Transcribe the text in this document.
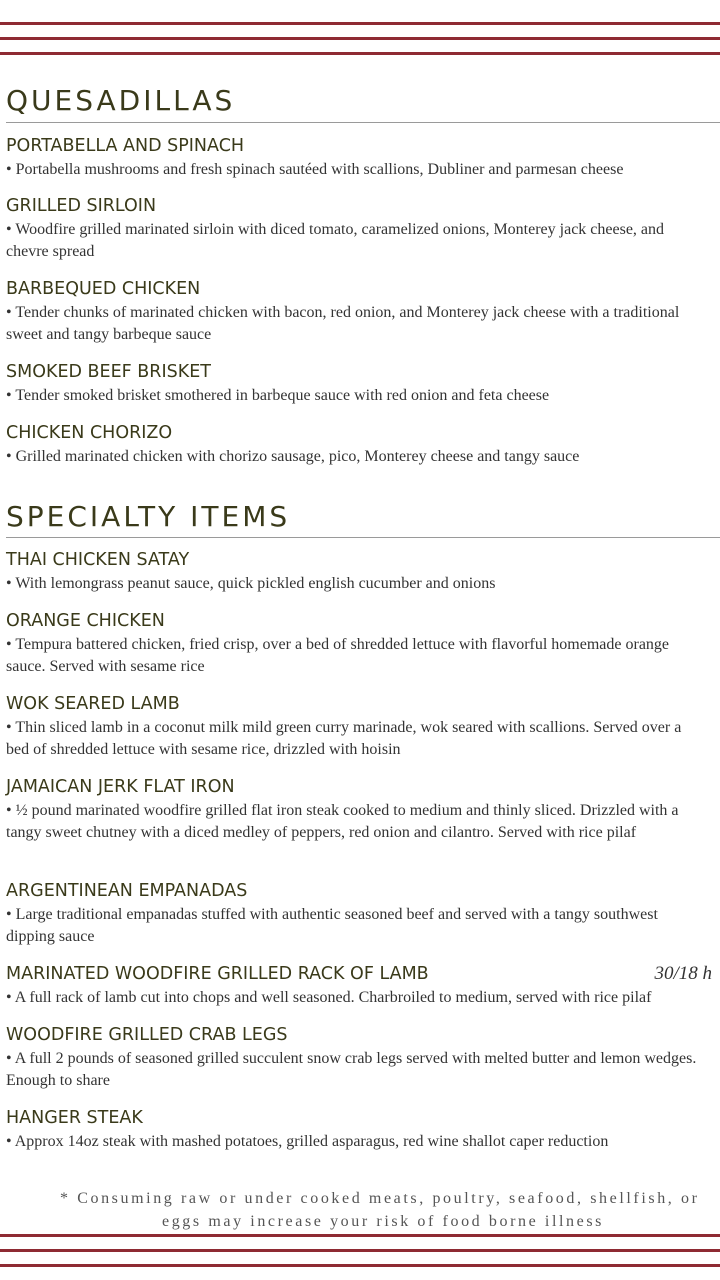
QUESADILLAS
PORTABELLA AND SPINACH
• Portabella mushrooms and fresh spinach sautéed with scallions, Dubliner and parmesan cheese
GRILLED SIRLOIN
• Woodfire grilled marinated sirloin with diced tomato, caramelized onions, Monterey jack cheese, and chevre spread
BARBEQUED CHICKEN
• Tender chunks of marinated chicken with bacon, red onion, and Monterey jack cheese with a traditional sweet and tangy barbeque sauce
SMOKED BEEF BRISKET
• Tender smoked brisket smothered in barbeque sauce with red onion and feta cheese
CHICKEN CHORIZO
• Grilled marinated chicken with chorizo sausage, pico, Monterey cheese and tangy sauce
SPECIALTY ITEMS
THAI CHICKEN SATAY
• With lemongrass peanut sauce, quick pickled english cucumber and onions
ORANGE CHICKEN
• Tempura battered chicken, fried crisp, over a bed of shredded lettuce with flavorful homemade orange sauce. Served with sesame rice
WOK SEARED LAMB
• Thin sliced lamb in a coconut milk mild green curry marinade, wok seared with scallions. Served over a bed of shredded lettuce with sesame rice, drizzled with hoisin
JAMAICAN JERK FLAT IRON
• ½ pound marinated woodfire grilled flat iron steak cooked to medium and thinly sliced. Drizzled with a tangy sweet chutney with a diced medley of peppers, red onion and cilantro. Served with rice pilaf
ARGENTINEAN EMPANADAS
• Large traditional empanadas stuffed with authentic seasoned beef and served with a tangy southwest dipping sauce
MARINATED WOODFIRE GRILLED RACK OF LAMB	30/18 h
• A full rack of lamb cut into chops and well seasoned. Charbroiled to medium, served with rice pilaf
WOODFIRE GRILLED CRAB LEGS
• A full 2 pounds of seasoned grilled succulent snow crab legs served with melted butter and lemon wedges. Enough to share
HANGER STEAK
• Approx 14oz steak with mashed potatoes, grilled asparagus, red wine shallot caper reduction
* Consuming raw or under cooked meats, poultry, seafood, shellfish, or
eggs may increase your risk of food borne illness
